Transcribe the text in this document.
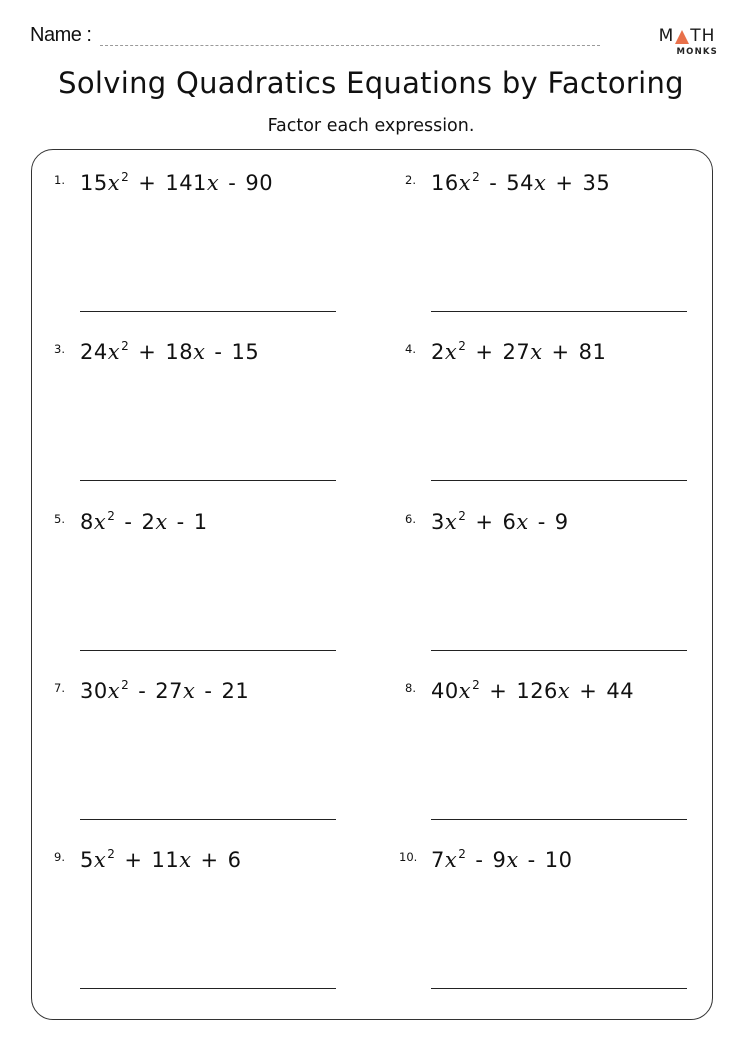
Name :	M TH
MONKS
Solving Quadratics Equations by Factoring
Factor each expression.
1. $15x^2 + 141x - 90$	2. $16x^2 - 54x + 35$
3. $24x^2 + 18x - 15$	4. $2x^2 + 27x + 81$
5. $8x^2 - 2x - 1$	6. $3x^2 + 6x - 9$
7. $30x^2 - 27x - 21$	8. $40x^2 + 126x + 44$
9. $5x^2 + 11x + 6$	10. $7x^2 - 9x - 10$
